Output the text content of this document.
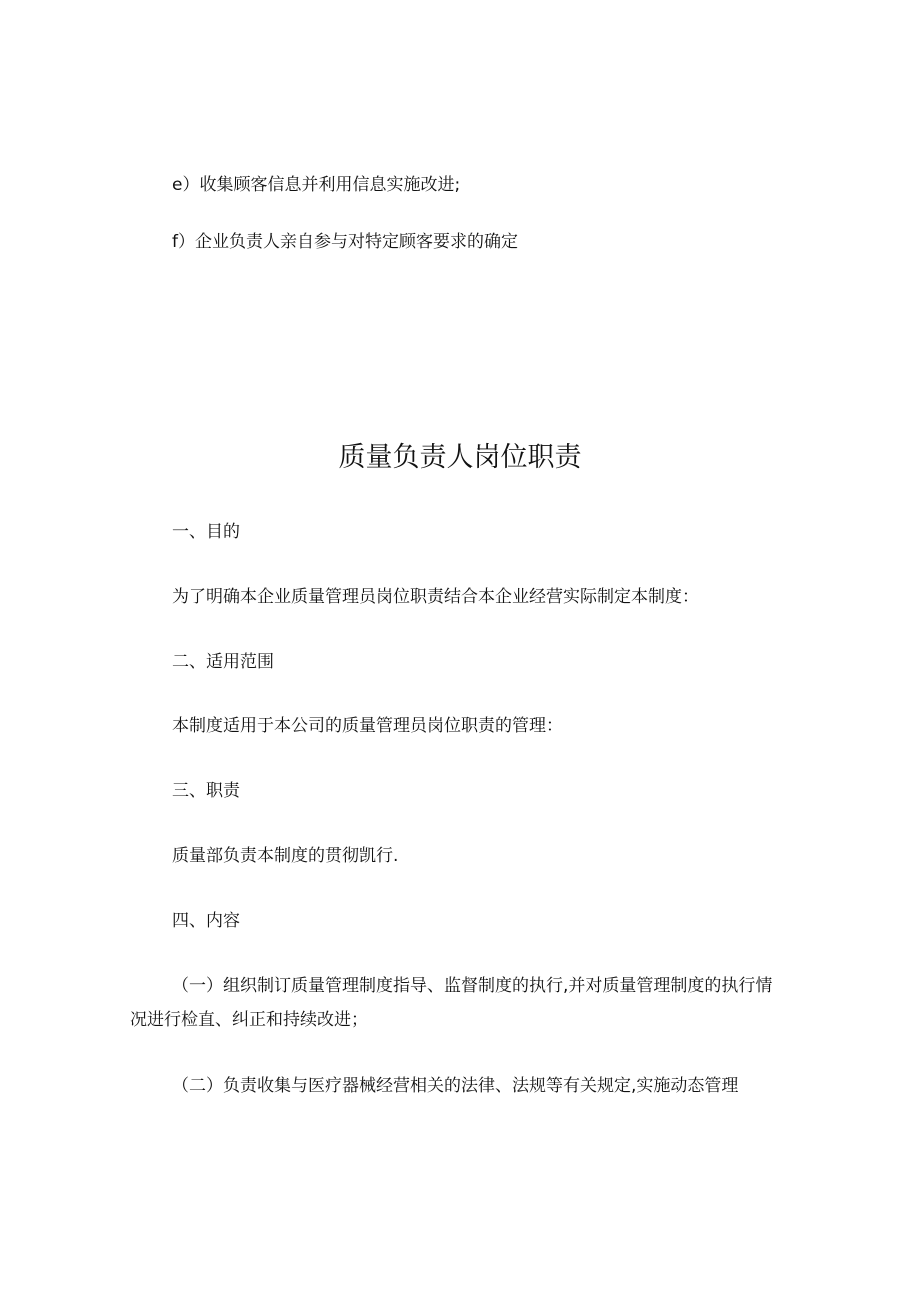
e）收集顾客信息并利用信息实施改进;

f）企业负责人亲自参与对特定顾客要求的确定

质量负责人岗位职责

一、目的

为了明确本企业质量管理员岗位职责结合本企业经营实际制定本制度：

二、适用范围

本制度适用于本公司的质量管理员岗位职责的管理：

三、职责

质量部负责本制度的贯彻凯行.

四、内容

（一）组织制订质量管理制度指导、监督制度的执行,并对质量管理制度的执行情

况进行检直、纠正和持续改进；

（二）负责收集与医疗器械经营相关的法律、法规等有关规定,实施动态管理
